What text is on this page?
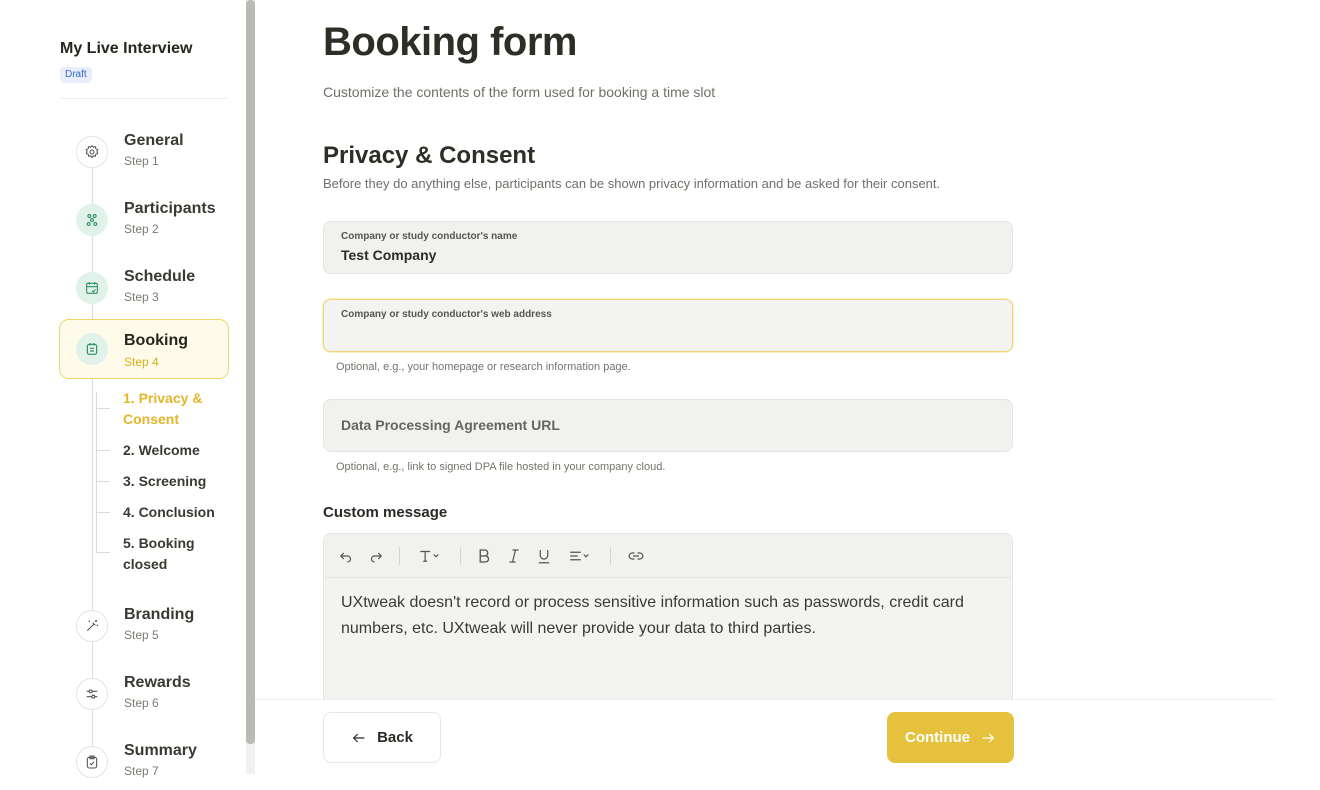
My Live Interview
Draft
General
Step 1
Participants
Step 2
Schedule
Step 3
Booking
Step 4
1. Privacy & Consent
2. Welcome
3. Screening
4. Conclusion
5. Booking closed
Branding
Step 5
Rewards
Step 6
Summary
Step 7
Booking form
Customize the contents of the form used for booking a time slot
Privacy & Consent
Before they do anything else, participants can be shown privacy information and be asked for their consent.
Company or study conductor's name
Test Company
Company or study conductor's web address
Optional, e.g., your homepage or research information page.
Data Processing Agreement URL
Optional, e.g., link to signed DPA file hosted in your company cloud.
Custom message
UXtweak doesn't record or process sensitive information such as passwords, credit card numbers, etc. UXtweak will never provide your data to third parties.
Back	Continue
